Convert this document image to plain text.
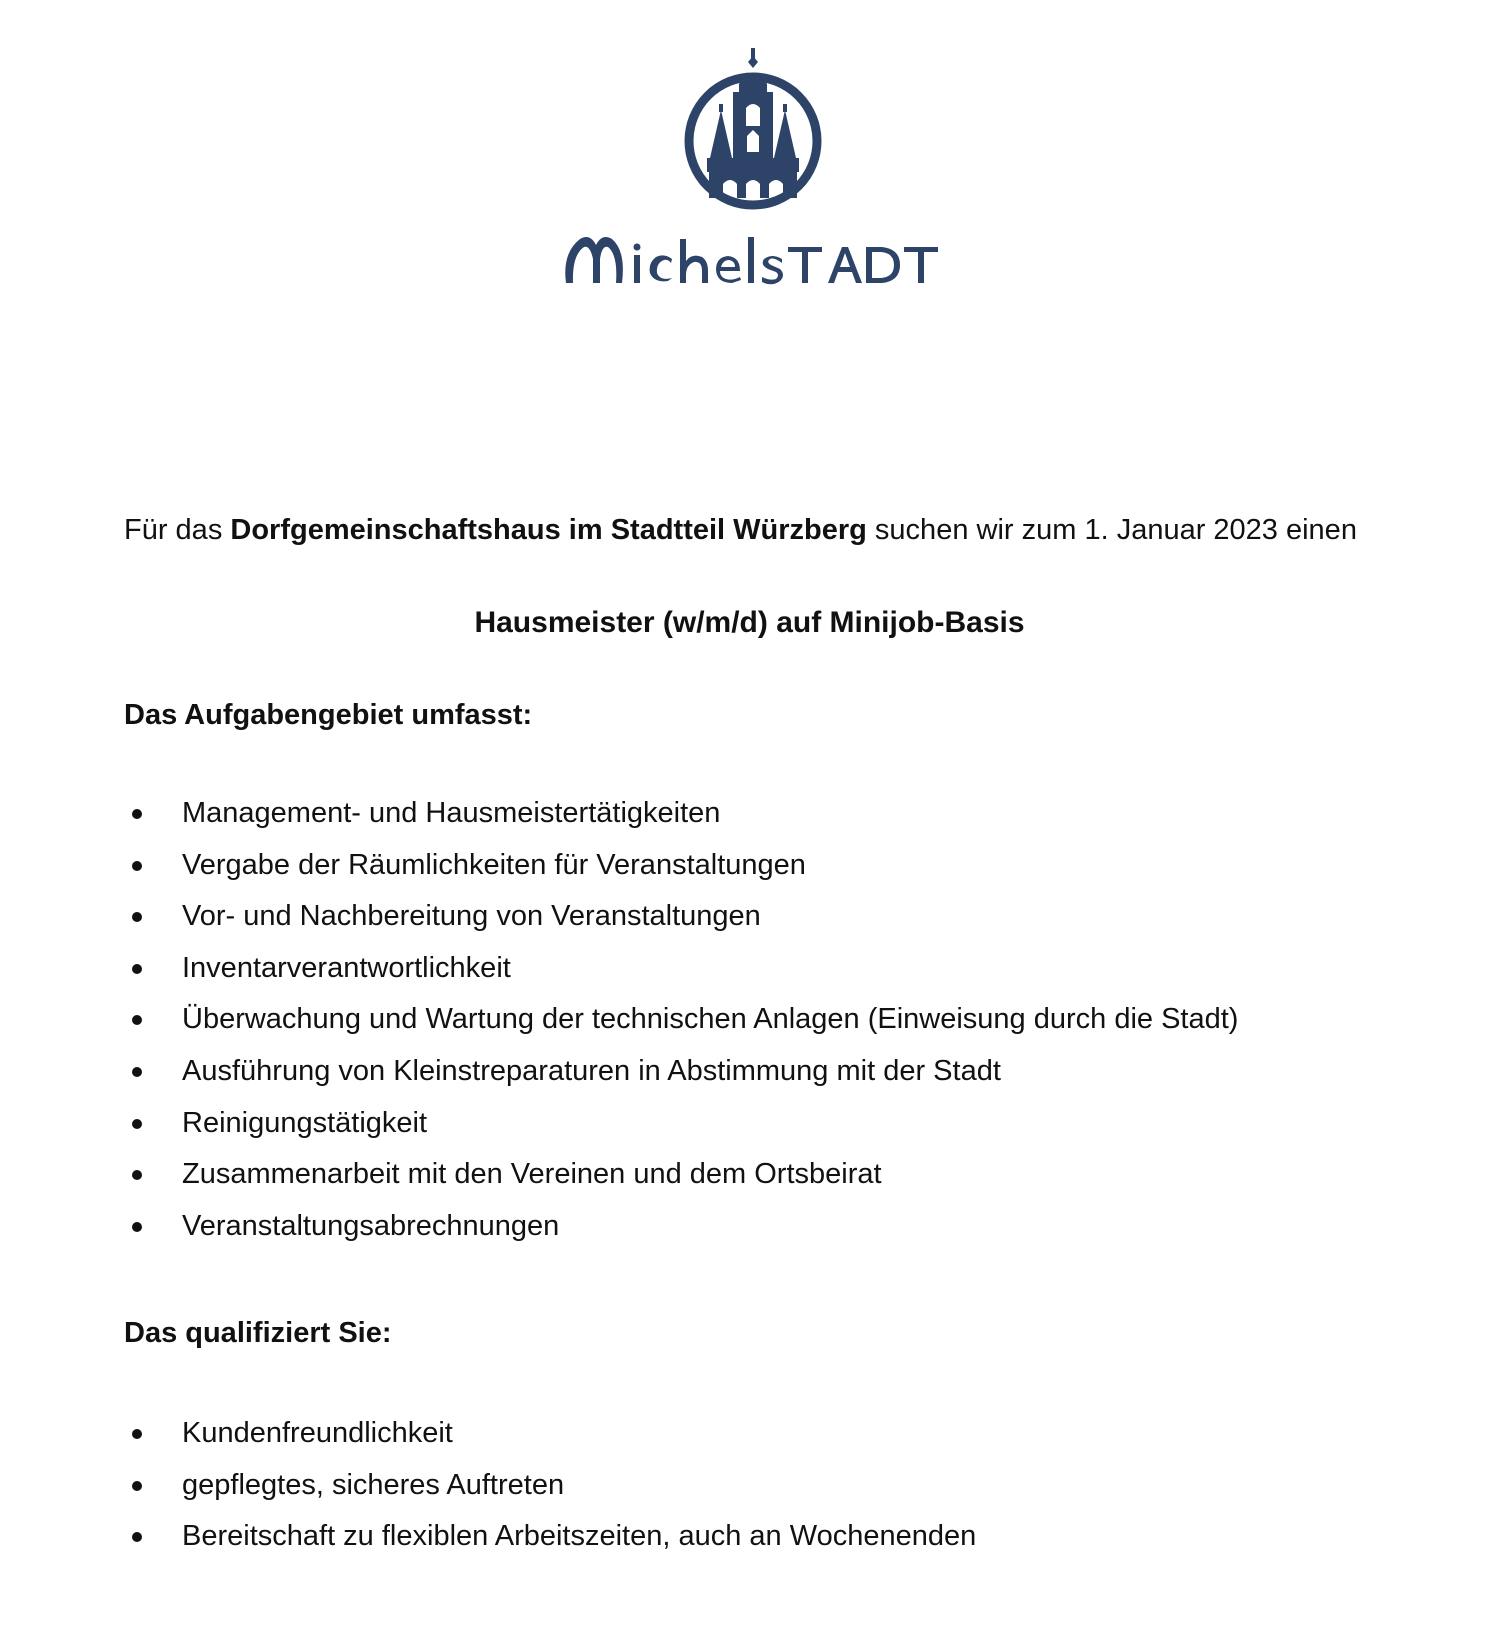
Für das Dorfgemeinschaftshaus im Stadtteil Würzberg suchen wir zum 1. Januar 2023 einen
Hausmeister (w/m/d) auf Minijob-Basis
Das Aufgabengebiet umfasst:
Management- und Hausmeistertätigkeiten
Vergabe der Räumlichkeiten für Veranstaltungen
Vor- und Nachbereitung von Veranstaltungen
Inventarverantwortlichkeit
Überwachung und Wartung der technischen Anlagen (Einweisung durch die Stadt)
Ausführung von Kleinstreparaturen in Abstimmung mit der Stadt
Reinigungstätigkeit
Zusammenarbeit mit den Vereinen und dem Ortsbeirat
Veranstaltungsabrechnungen
Das qualifiziert Sie:
Kundenfreundlichkeit
gepflegtes, sicheres Auftreten
Bereitschaft zu flexiblen Arbeitszeiten, auch an Wochenenden
